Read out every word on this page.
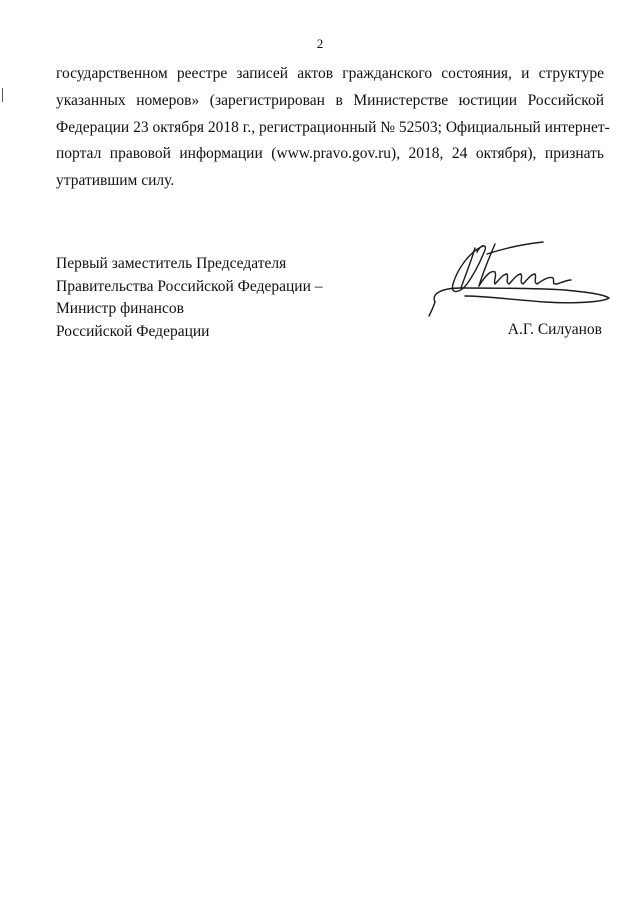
2
государственном реестре записей актов гражданского состояния, и структуре
указанных номеров» (зарегистрирован в Министерстве юстиции Российской
Федерации 23 октября 2018 г., регистрационный № 52503; Официальный интернет-
портал правовой информации (www.pravo.gov.ru), 2018, 24 октября), признать
утратившим силу.
Первый заместитель Председателя
Правительства Российской Федерации –
Министр финансов
Российской Федерации	А.Г. Силуанов
